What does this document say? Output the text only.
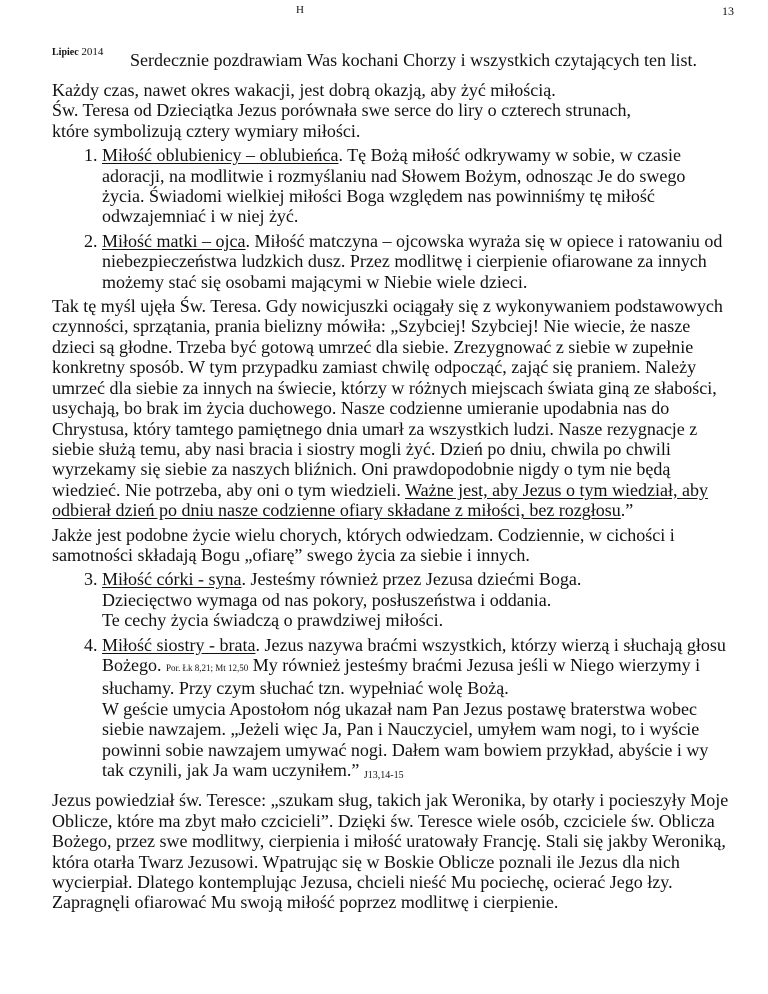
H	13
Lipiec 2014 Serdecznie pozdrawiam Was kochani Chorzy i wszystkich czytających ten list.

Każdy czas, nawet okres wakacji, jest dobrą okazją, aby żyć miłością.
Św. Teresa od Dzieciątka Jezus porównała swe serce do liry o czterech strunach,
które symbolizują cztery wymiary miłości.

1. Miłość oblubienicy – oblubieńca. Tę Bożą miłość odkrywamy w sobie, w czasie adoracji, na modlitwie i rozmyślaniu nad Słowem Bożym, odnosząc Je do swego życia. Świadomi wielkiej miłości Boga względem nas powinniśmy tę miłość odwzajemniać i w niej żyć.
2. Miłość matki – ojca. Miłość matczyna – ojcowska wyraża się w opiece i ratowaniu od niebezpieczeństwa ludzkich dusz. Przez modlitwę i cierpienie ofiarowane za innych możemy stać się osobami mającymi w Niebie wiele dzieci.

Tak tę myśl ujęła Św. Teresa. Gdy nowicjuszki ociągały się z wykonywaniem podstawowych czynności, sprzątania, prania bielizny mówiła: „Szybciej! Szybciej! Nie wiecie, że nasze dzieci są głodne. Trzeba być gotową umrzeć dla siebie. Zrezygnować z siebie w zupełnie konkretny sposób. W tym przypadku zamiast chwilę odpocząć, zająć się praniem. Należy umrzeć dla siebie za innych na świecie, którzy w różnych miejscach świata giną ze słabości, usychają, bo brak im życia duchowego. Nasze codzienne umieranie upodabnia nas do Chrystusa, który tamtego pamiętnego dnia umarł za wszystkich ludzi. Nasze rezygnacje z siebie służą temu, aby nasi bracia i siostry mogli żyć. Dzień po dniu, chwila po chwili wyrzekamy się siebie za naszych bliźnich. Oni prawdopodobnie nigdy o tym nie będą wiedzieć. Nie potrzeba, aby oni o tym wiedzieli. Ważne jest, aby Jezus o tym wiedział, aby odbierał dzień po dniu nasze codzienne ofiary składane z miłości, bez rozgłosu.”

Jakże jest podobne życie wielu chorych, których odwiedzam. Codziennie, w cichości i samotności składają Bogu „ofiarę” swego życia za siebie i innych.

3. Miłość córki - syna. Jesteśmy również przez Jezusa dziećmi Boga.
Dziecięctwo wymaga od nas pokory, posłuszeństwa i oddania.
Te cechy życia świadczą o prawdziwej miłości.
4. Miłość siostry - brata. Jezus nazywa braćmi wszystkich, którzy wierzą i słuchają głosu Bożego. Por. Łk 8,21; Mt 12,50 My również jesteśmy braćmi Jezusa jeśli w Niego wierzymy i słuchamy. Przy czym słuchać tzn. wypełniać wolę Bożą.
W geście umycia Apostołom nóg ukazał nam Pan Jezus postawę braterstwa wobec siebie nawzajem. „Jeżeli więc Ja, Pan i Nauczyciel, umyłem wam nogi, to i wyście powinni sobie nawzajem umywać nogi. Dałem wam bowiem przykład, abyście i wy tak czynili, jak Ja wam uczyniłem.” J13,14-15

Jezus powiedział św. Teresce: „szukam sług, takich jak Weronika, by otarły i pocieszyły Moje Oblicze, które ma zbyt mało czcicieli”. Dzięki św. Teresce wiele osób, czciciele św. Oblicza Bożego, przez swe modlitwy, cierpienia i miłość uratowały Francję. Stali się jakby Weroniką, która otarła Twarz Jezusowi. Wpatrując się w Boskie Oblicze poznali ile Jezus dla nich wycierpiał. Dlatego kontemplując Jezusa, chcieli nieść Mu pociechę, ocierać Jego łzy. Zapragnęli ofiarować Mu swoją miłość poprzez modlitwę i cierpienie.
